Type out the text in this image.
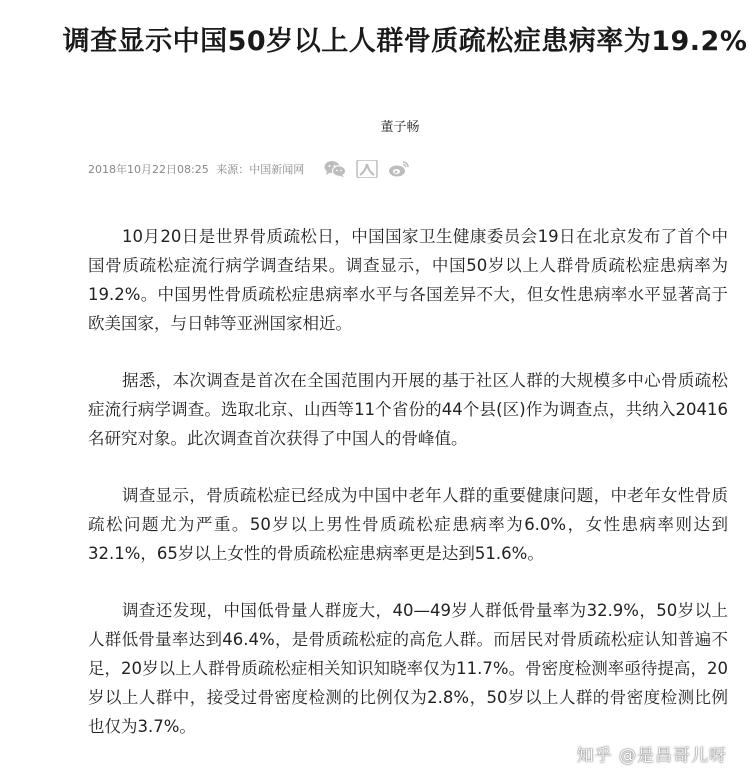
调查显示中国50岁以上人群骨质疏松症患病率为19.2%
董子畅
2018年10月22日08:25
来源： 中国新闻网

10月20日是世界骨质疏松日，中国国家卫生健康委员会19日在北京发布了首个中国骨质疏松症流行病学调查结果。调查显示，中国50岁以上人群骨质疏松症患病率为19.2%。中国男性骨质疏松症患病率水平与各国差异不大，但女性患病率水平显著高于欧美国家，与日韩等亚洲国家相近。

据悉，本次调查是首次在全国范围内开展的基于社区人群的大规模多中心骨质疏松症流行病学调查。选取北京、山西等11个省份的44个县(区)作为调查点，共纳入20416名研究对象。此次调查首次获得了中国人的骨峰值。

调查显示，骨质疏松症已经成为中国中老年人群的重要健康问题，中老年女性骨质疏松问题尤为严重。50岁以上男性骨质疏松症患病率为6.0%，女性患病率则达到32.1%，65岁以上女性的骨质疏松症患病率更是达到51.6%。

调查还发现，中国低骨量人群庞大，40—49岁人群低骨量率为32.9%，50岁以上人群低骨量率达到46.4%，是骨质疏松症的高危人群。而居民对骨质疏松症认知普遍不足，20岁以上人群骨质疏松症相关知识知晓率仅为11.7%。骨密度检测率亟待提高，20岁以上人群中，接受过骨密度检测的比例仅为2.8%，50岁以上人群的骨密度检测比例也仅为3.7%。

知乎 @是昌哥儿呀
